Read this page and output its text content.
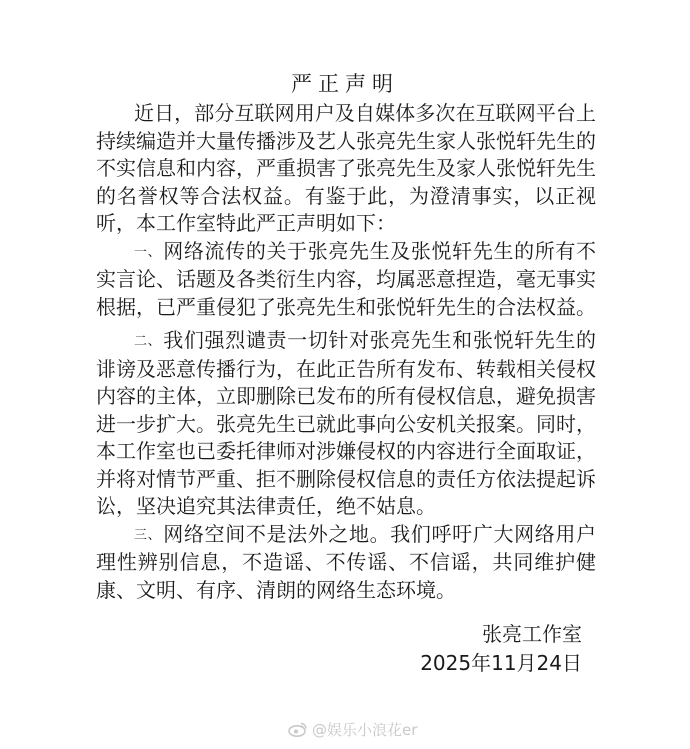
严正声明

近日，部分互联网用户及自媒体多次在互联网平台上持续编造并大量传播涉及艺人张亮先生家人张悦轩先生的不实信息和内容，严重损害了张亮先生及家人张悦轩先生的名誉权等合法权益。有鉴于此，为澄清事实，以正视听，本工作室特此严正声明如下：

一、 网络流传的关于张亮先生及张悦轩先生的所有不实言论、话题及各类衍生内容，均属恶意捏造，毫无事实根据，已严重侵犯了张亮先生和张悦轩先生的合法权益。

二、 我们强烈谴责一切针对张亮先生和张悦轩先生的诽谤及恶意传播行为，在此正告所有发布、转载相关侵权内容的主体，立即删除已发布的所有侵权信息，避免损害进一步扩大。张亮先生已就此事向公安机关报案。同时，本工作室也已委托律师对涉嫌侵权的内容进行全面取证，并将对情节严重、拒不删除侵权信息的责任方依法提起诉讼，坚决追究其法律责任，绝不姑息。

三、 网络空间不是法外之地。我们呼吁广大网络用户理性辨别信息，不造谣、不传谣、不信谣，共同维护健康、文明、有序、清朗的网络生态环境。

张亮工作室
2025年11月24日
@娱乐小浪花er
